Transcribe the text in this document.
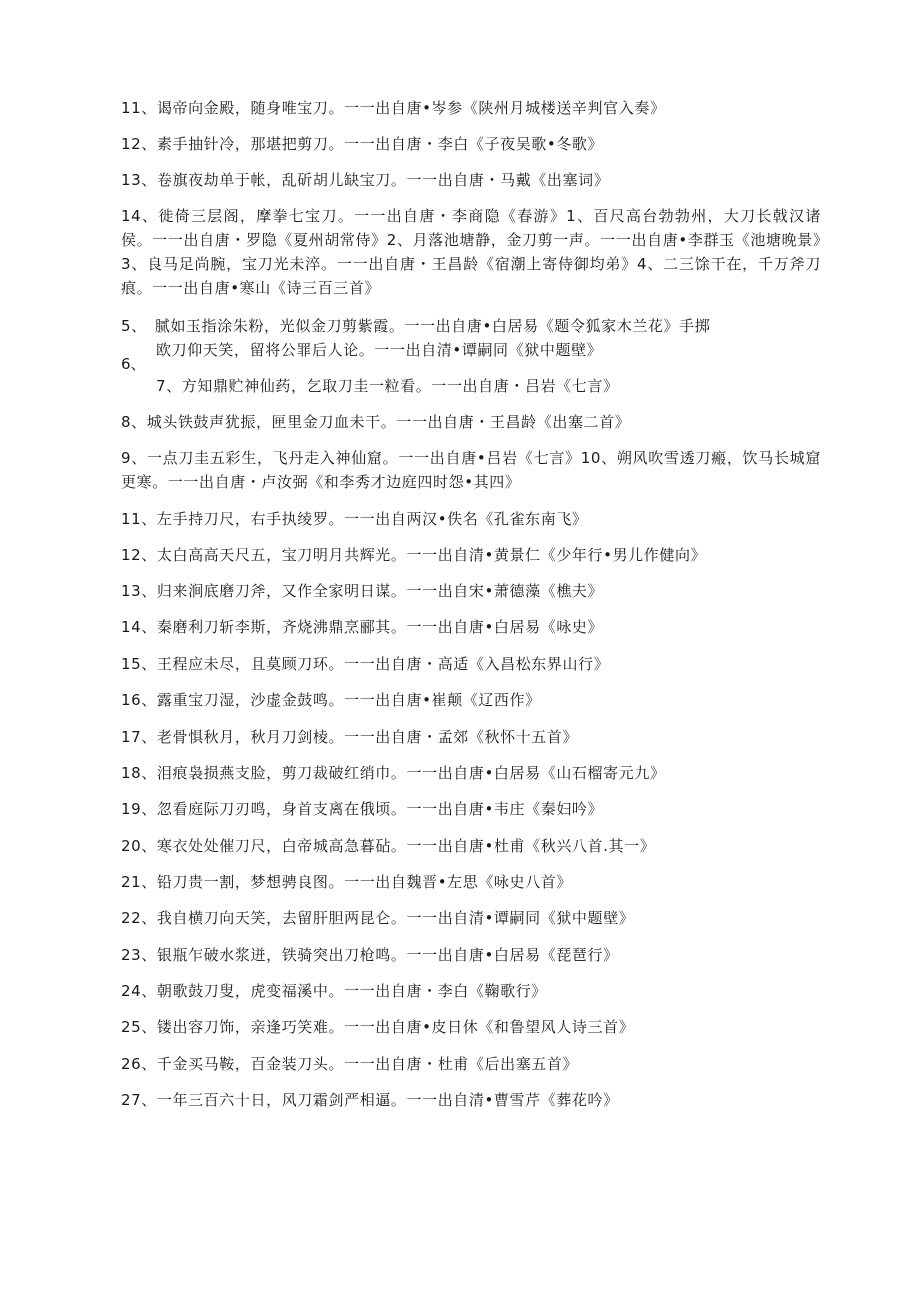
11、谒帝向金殿，随身唯宝刀。一一出自唐•岑参《陕州月城楼送辛判官入奏》
12、素手抽针冷，那堪把剪刀。一一出自唐・李白《子夜吴歌•冬歌》
13、卷旗夜劫单于帐，乱斫胡儿缺宝刀。一一出自唐・马戴《出塞词》
14、徙倚三层阁，摩拳七宝刀。一一出自唐・李商隐《春游》1、百尺高台勃勃州，大刀长戟汉诸侯。一一出自唐・罗隐《夏州胡常侍》2、月落池塘静，金刀剪一声。一一出自唐•李群玉《池塘晚景》3、良马足尚腕，宝刀光未淬。一一出自唐・王昌龄《宿潮上寄侍御均弟》4、二三馀干在，千万斧刀痕。一一出自唐•寒山《诗三百三首》
5、　腻如玉指涂朱粉，光似金刀剪紫霞。一一出自唐•白居易《题令狐家木兰花》手掷
欧刀仰天笑，留将公罪后人论。一一出自清•谭嗣同《狱中题壁》
6、
7、方知鼎贮神仙药，乞取刀圭一粒看。一一出自唐・吕岩《七言》
8、城头铁鼓声犹振，匣里金刀血未干。一一出自唐・王昌龄《出塞二首》
9、一点刀圭五彩生，飞丹走入神仙窟。一一出自唐•吕岩《七言》10、朔风吹雪透刀瘢，饮马长城窟更寒。一一出自唐・卢汝弼《和李秀才边庭四时怨•其四》
11、左手持刀尺，右手执绫罗。一一出自两汉•佚名《孔雀东南飞》
12、太白高高天尺五，宝刀明月共辉光。一一出自清•黄景仁《少年行•男儿作健向》
13、归来涧底磨刀斧，又作全家明日谋。一一出自宋•萧德藻《樵夫》
14、秦磨利刀斩李斯，齐烧沸鼎烹郦其。一一出自唐•白居易《咏史》
15、王程应未尽，且莫顾刀环。一一出自唐・高适《入昌松东界山行》
16、露重宝刀湿，沙虚金鼓鸣。一一出自唐•崔颠《辽西作》
17、老骨惧秋月，秋月刀剑棱。一一出自唐・孟郊《秋怀十五首》
18、泪痕袅损燕支脸，剪刀裁破红绡巾。一一出自唐•白居易《山石榴寄元九》
19、忽看庭际刀刃鸣，身首支离在俄顷。一一出自唐•韦庄《秦妇吟》
20、寒衣处处催刀尺，白帝城高急暮砧。一一出自唐•杜甫《秋兴八首.其一》
21、铅刀贵一割，梦想骋良图。一一出自魏晋•左思《咏史八首》
22、我自横刀向天笑，去留肝胆两昆仑。一一出自清•谭嗣同《狱中题壁》
23、银瓶乍破水浆迸，铁骑突出刀枪鸣。一一出自唐•白居易《琵琶行》
24、朝歌鼓刀叟，虎变福溪中。一一出自唐・李白《鞠歌行》
25、镂出容刀饰，亲逢巧笑难。一一出自唐•皮日休《和鲁望风人诗三首》
26、千金买马鞍，百金装刀头。一一出自唐・杜甫《后出塞五首》
27、一年三百六十日，风刀霜剑严相逼。一一出自清•曹雪芹《葬花吟》
